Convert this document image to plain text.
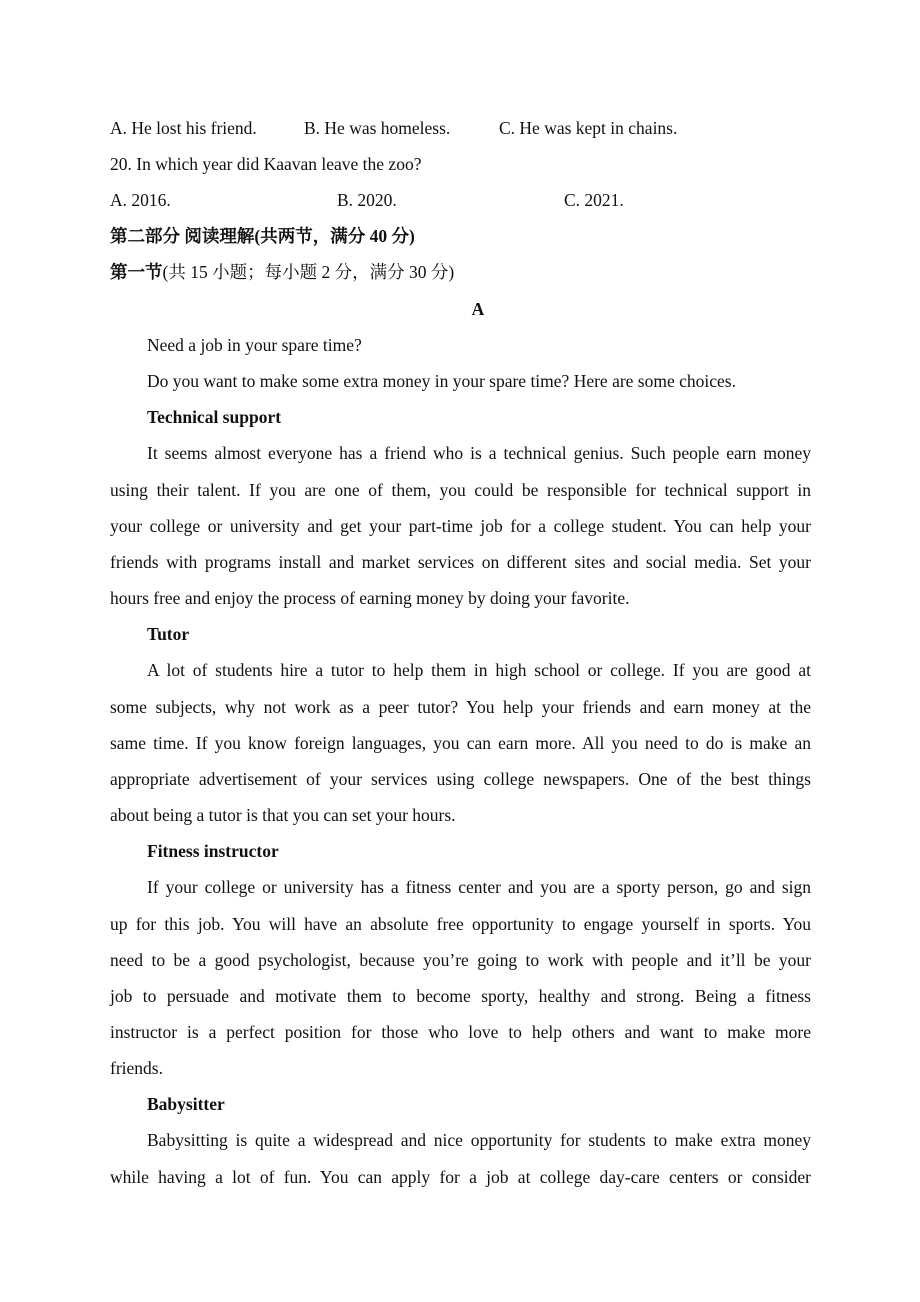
A. He lost his friend.	B. He was homeless.	C. He was kept in chains.
20. In which year did Kaavan leave the zoo?
A. 2016.	B. 2020.	C. 2021.
第二部分 阅读理解(共两节，满分 40 分)
第一节(共 15 小题；每小题 2 分，满分 30 分)
A
Need a job in your spare time?
Do you want to make some extra money in your spare time? Here are some choices.
Technical support
It seems almost everyone has a friend who is a technical genius. Such people earn money
using their talent. If you are one of them, you could be responsible for technical support in
your college or university and get your part-time job for a college student. You can help your
friends with programs install and market services on different sites and social media. Set your
hours free and enjoy the process of earning money by doing your favorite.
Tutor
A lot of students hire a tutor to help them in high school or college. If you are good at
some subjects, why not work as a peer tutor? You help your friends and earn money at the
same time. If you know foreign languages, you can earn more. All you need to do is make an
appropriate advertisement of your services using college newspapers. One of the best things
about being a tutor is that you can set your hours.
Fitness instructor
If your college or university has a fitness center and you are a sporty person, go and sign
up for this job. You will have an absolute free opportunity to engage yourself in sports. You
need to be a good psychologist, because you’re going to work with people and it’ll be your
job to persuade and motivate them to become sporty, healthy and strong. Being a fitness
instructor is a perfect position for those who love to help others and want to make more
friends.
Babysitter
Babysitting is quite a widespread and nice opportunity for students to make extra money
while having a lot of fun. You can apply for a job at college day-care centers or consider
